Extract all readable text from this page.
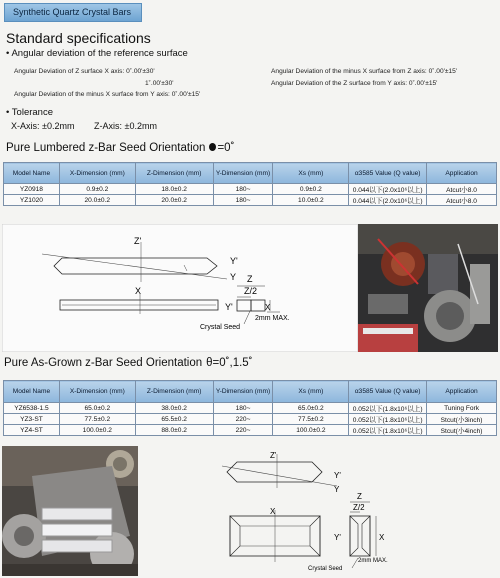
Synthetic Quartz Crystal Bars
Standard specifications
• Angular deviation of the reference surface
Angular Deviation of Z surface X axis: 0˚.00'±30'
1˚.00'±30'
Angular Deviation of the minus X surface from Y axis: 0˚.00'±15'
Angular Deviation of the minus X surface from Z axis: 0˚.00'±15'
Angular Deviation of the Z surface from Y axis: 0˚.00'±15'
• Tolerance
X-Axis: ±0.2mm Z-Axis: ±0.2mm
Pure Lumbered z-Bar Seed Orientation =0˚
Model Name	X-Dimension (mm)	Z-Dimension (mm)	Y-Dimension (mm)	Xs (mm)	α3585 Value (Q value)	Application
YZ0918	0.9±0.2	18.0±0.2	180~	0.9±0.2	0.044以下(2.0x10⁶以上)	Atcut小8.0
YZ1020	20.0±0.2	20.0±0.2	180~	10.0±0.2	0.044以下(2.0x10⁶以上)	Atcut小8.0
Z'
Y'
Y Z
Z/2
X
Y'	X
2mm MAX.
Crystal Seed
Pure As-Grown z-Bar Seed Orientation θ=0˚,1.5˚
Model Name	X-Dimension (mm)	Z-Dimension (mm)	Y-Dimension (mm)	Xs (mm)	α3585 Value (Q value)	Application
YZ6538-1.5	65.0±0.2	38.0±0.2	180~	65.0±0.2	0.052以下(1.8x10⁶以上)	Tuning Fork
YZ3-ST	77.5±0.2	65.5±0.2	220~	77.5±0.2	0.052以下(1.8x10⁶以上)	Stcut(小3inch)
YZ4-ST	100.0±0.2	88.0±0.2	220~	100.0±0.2	0.052以下(1.8x10⁶以上)	Stcut(小4inch)
Z'
Y'
Y
Z
Z/2
X
Y'	X
2mm MAX.
Crystal Seed
